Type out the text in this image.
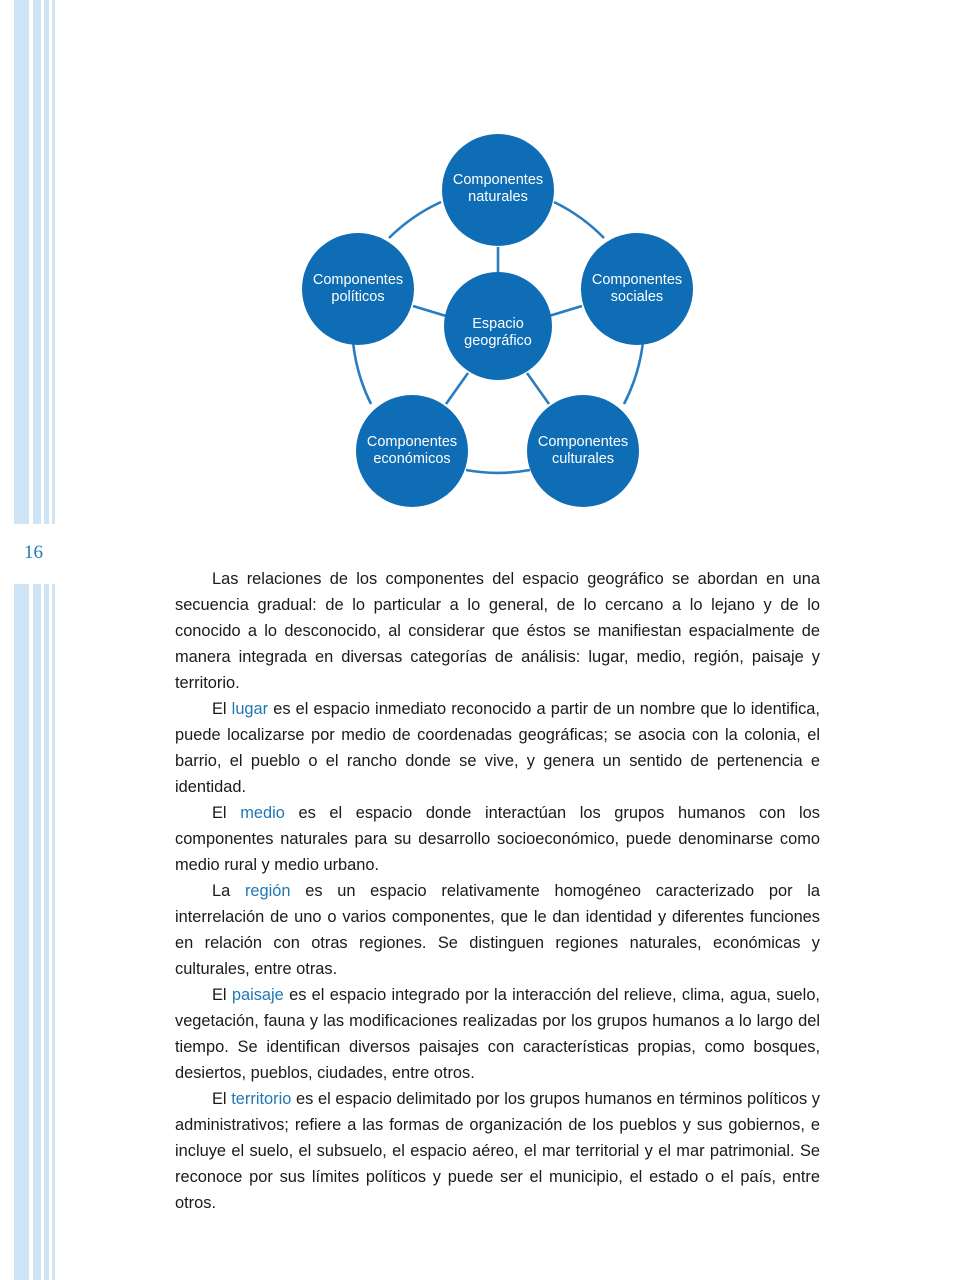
16
Componentes
naturales
Componentes
sociales
Componentes
culturales
Componentes
económicos
Componentes
políticos
Espacio
geográfico

Las relaciones de los componentes del espacio geográfico se abordan en una secuencia gradual: de lo particular a lo general, de lo cercano a lo lejano y de lo conocido a lo desconocido, al considerar que éstos se manifiestan espacialmente de manera integrada en diversas categorías de análisis: lugar, medio, región, paisaje y territorio.

El lugar es el espacio inmediato reconocido a partir de un nombre que lo identifica, puede localizarse por medio de coordenadas geográficas; se asocia con la colonia, el barrio, el pueblo o el rancho donde se vive, y genera un sentido de pertenencia e identidad.

El medio es el espacio donde interactúan los grupos humanos con los componentes naturales para su desarrollo socioeconómico, puede denominarse como medio rural y medio urbano.

La región es un espacio relativamente homogéneo caracterizado por la interrelación de uno o varios componentes, que le dan identidad y diferentes funciones en relación con otras regiones. Se distinguen regiones naturales, económicas y culturales, entre otras.

El paisaje es el espacio integrado por la interacción del relieve, clima, agua, suelo, vegetación, fauna y las modificaciones realizadas por los grupos humanos a lo largo del tiempo. Se identifican diversos paisajes con características propias, como bosques, desiertos, pueblos, ciudades, entre otros.

El territorio es el espacio delimitado por los grupos humanos en términos políticos y administrativos; refiere a las formas de organización de los pueblos y sus gobiernos, e incluye el suelo, el subsuelo, el espacio aéreo, el mar territorial y el mar patrimonial. Se reconoce por sus límites políticos y puede ser el municipio, el estado o el país, entre otros.
